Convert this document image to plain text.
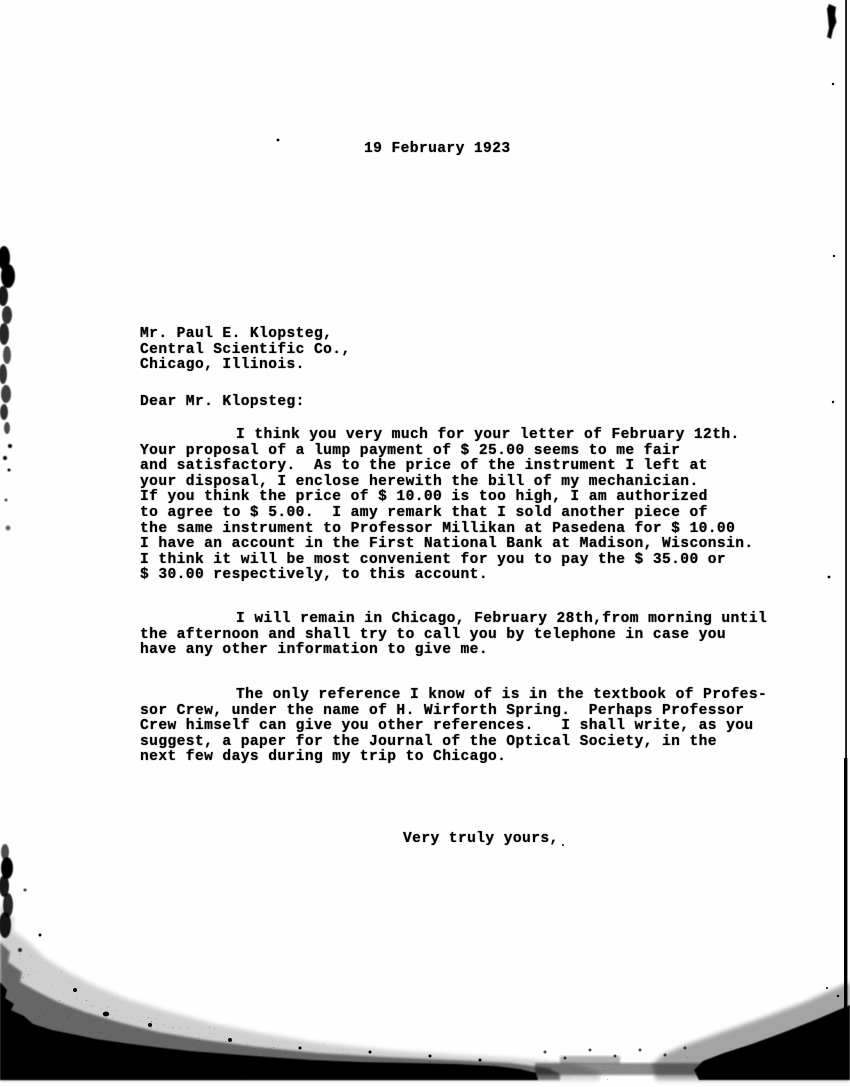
19 February 1923
Mr. Paul E. Klopsteg,
Central Scientific Co.,
Chicago, Illinois.
Dear Mr. Klopsteg:
I think you very much for your letter of February 12th.
Your proposal of a lump payment of $ 25.00 seems to me fair
and satisfactory.  As to the price of the instrument I left at
your disposal, I enclose herewith the bill of my mechanician.
If you think the price of $ 10.00 is too high, I am authorized
to agree to $ 5.00.  I amy remark that I sold another piece of
the same instrument to Professor Millikan at Pasedena for $ 10.00
I have an account in the First National Bank at Madison, Wisconsin.
I think it will be most convenient for you to pay the $ 35.00 or
$ 30.00 respectively, to this account.
I will remain in Chicago, February 28th,from morning until
the afternoon and shall try to call you by telephone in case you
have any other information to give me.
The only reference I know of is in the textbook of Profes-
sor Crew, under the name of H. Wirforth Spring.  Perhaps Professor
Crew himself can give you other references.   I shall write, as you
suggest, a paper for the Journal of the Optical Society, in the
next few days during my trip to Chicago.
Very truly yours,
